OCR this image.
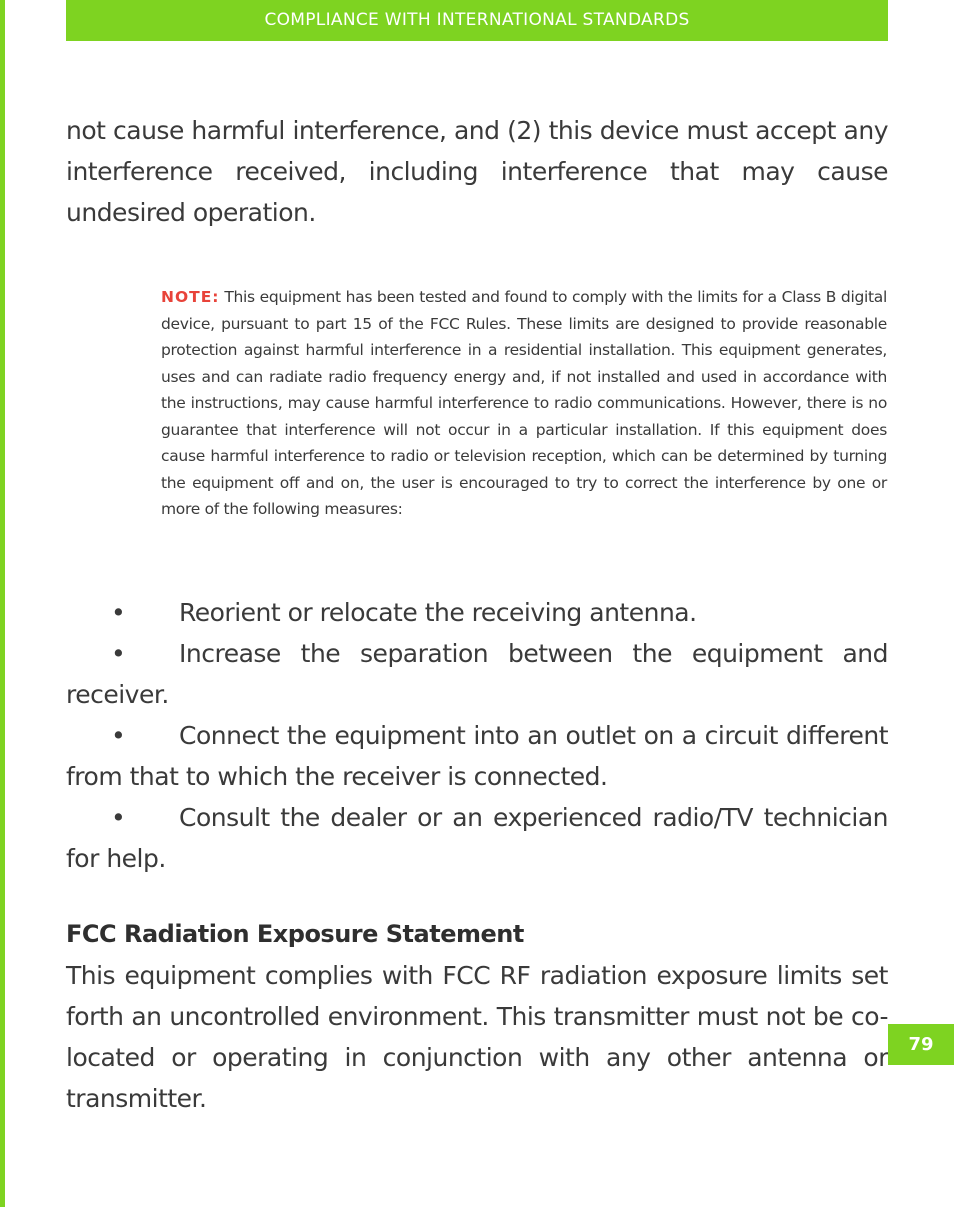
COMPLIANCE WITH INTERNATIONAL STANDARDS

not cause harmful interference, and (2) this device must accept any interference received, including interference that may cause undesired operation.

NOTE: This equipment has been tested and found to comply with the limits for a Class B digital device, pursuant to part 15 of the FCC Rules. These limits are designed to provide reasonable protection against harmful interference in a residential installation. This equipment generates, uses and can radiate radio frequency energy and, if not installed and used in accordance with the instructions, may cause harmful interference to radio communications. However, there is no guarantee that interference will not occur in a particular installation. If this equipment does cause harmful interference to radio or television reception, which can be determined by turning the equipment off and on, the user is encouraged to try to correct the interference by one or more of the following measures:

• Reorient or relocate the receiving antenna.
• Increase the separation between the equipment and receiver.
• Connect the equipment into an outlet on a circuit different from that to which the receiver is connected.
• Consult the dealer or an experienced radio/TV technician for help.
FCC Radiation Exposure Statement

This equipment complies with FCC RF radiation exposure limits set forth an uncontrolled environment. This transmitter must not be co-located or operating in conjunction with any other antenna or transmitter.

79
